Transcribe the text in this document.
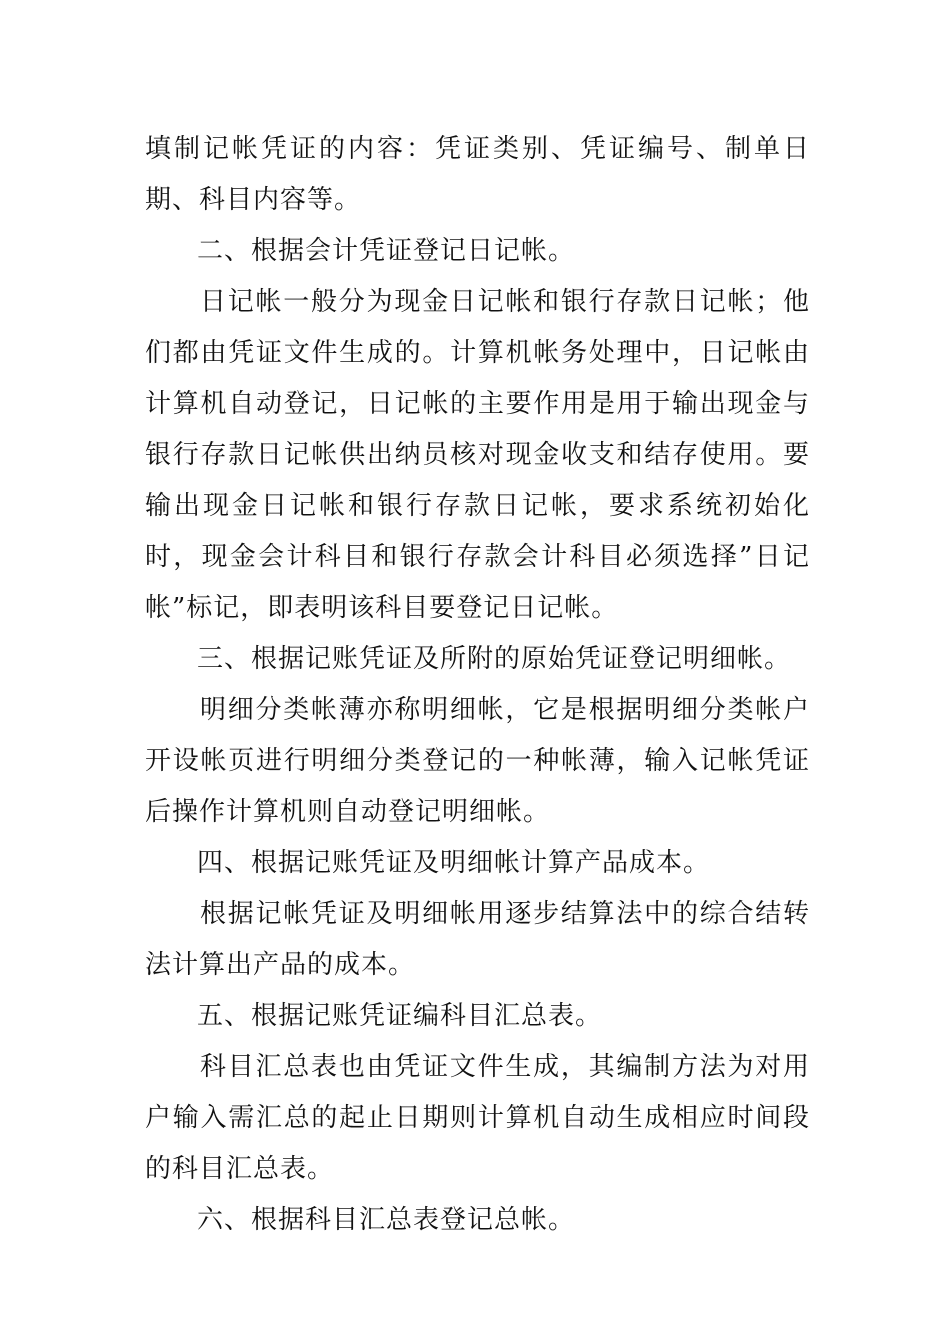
填制记帐凭证的内容：凭证类别、凭证编号、制单日期、科目内容等。

二、根据会计凭证登记日记帐。

日记帐一般分为现金日记帐和银行存款日记帐；他们都由凭证文件生成的。计算机帐务处理中，日记帐由计算机自动登记，日记帐的主要作用是用于输出现金与银行存款日记帐供出纳员核对现金收支和结存使用。要输出现金日记帐和银行存款日记帐，要求系统初始化时，现金会计科目和银行存款会计科目必须选择”日记帐”标记，即表明该科目要登记日记帐。

三、根据记账凭证及所附的原始凭证登记明细帐。

明细分类帐薄亦称明细帐，它是根据明细分类帐户开设帐页进行明细分类登记的一种帐薄，输入记帐凭证后操作计算机则自动登记明细帐。

四、根据记账凭证及明细帐计算产品成本。

根据记帐凭证及明细帐用逐步结算法中的综合结转法计算出产品的成本。

五、根据记账凭证编科目汇总表。

科目汇总表也由凭证文件生成，其编制方法为对用户输入需汇总的起止日期则计算机自动生成相应时间段的科目汇总表。

六、根据科目汇总表登记总帐。
